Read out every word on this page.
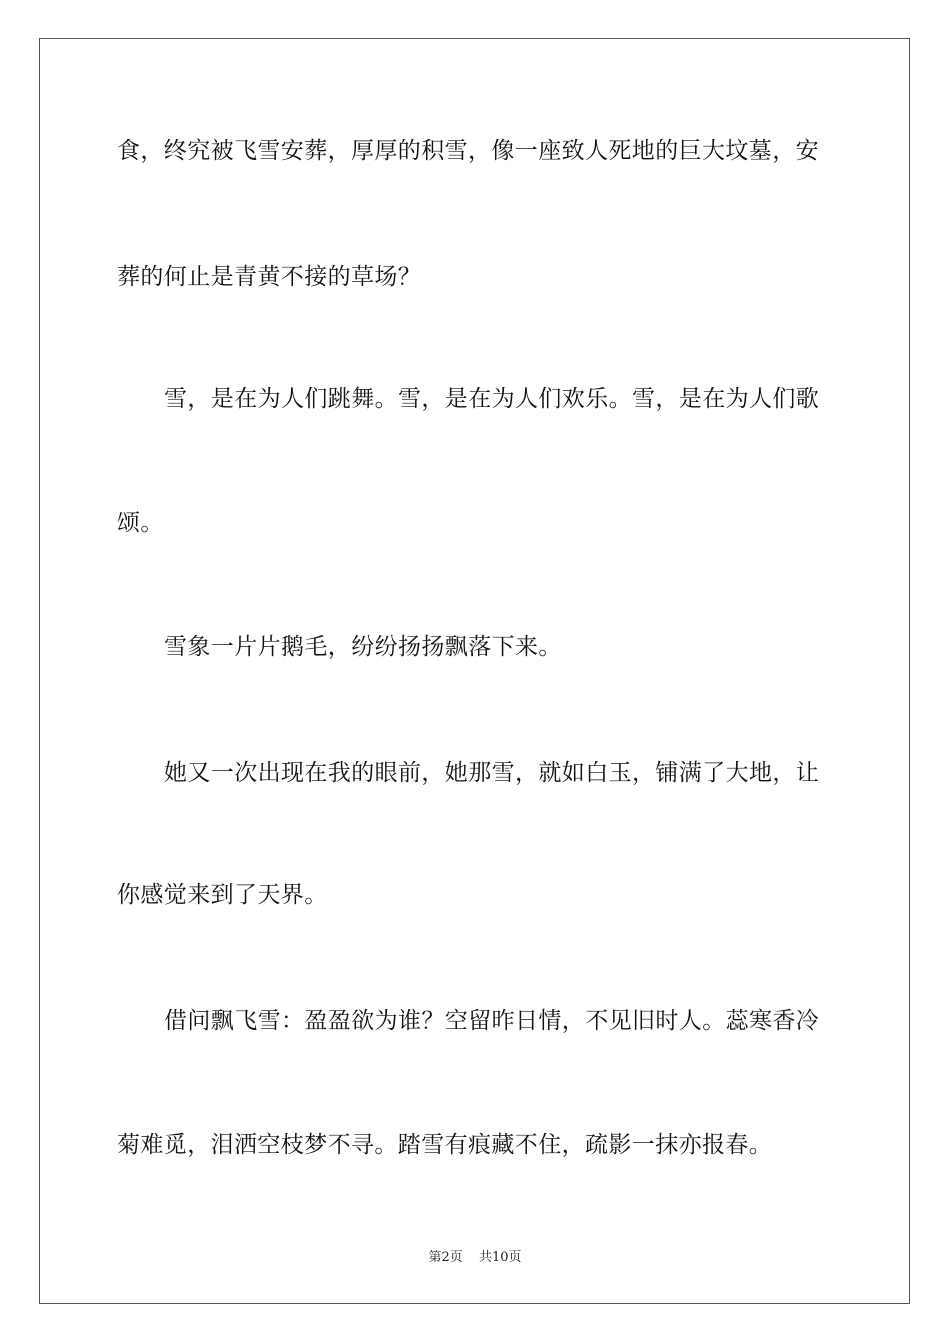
食，终究被飞雪安葬，厚厚的积雪，像一座致人死地的巨大坟墓，安
葬的何止是青黄不接的草场？
雪，是在为人们跳舞。雪，是在为人们欢乐。雪，是在为人们歌
颂。
雪象一片片鹅毛，纷纷扬扬飘落下来。
她又一次出现在我的眼前，她那雪，就如白玉，铺满了大地，让
你感觉来到了天界。
借问飘飞雪：盈盈欲为谁？空留昨日情，不见旧时人。蕊寒香冷
菊难觅，泪洒空枝梦不寻。踏雪有痕藏不住，疏影一抹亦报春。
第2页 共10页
